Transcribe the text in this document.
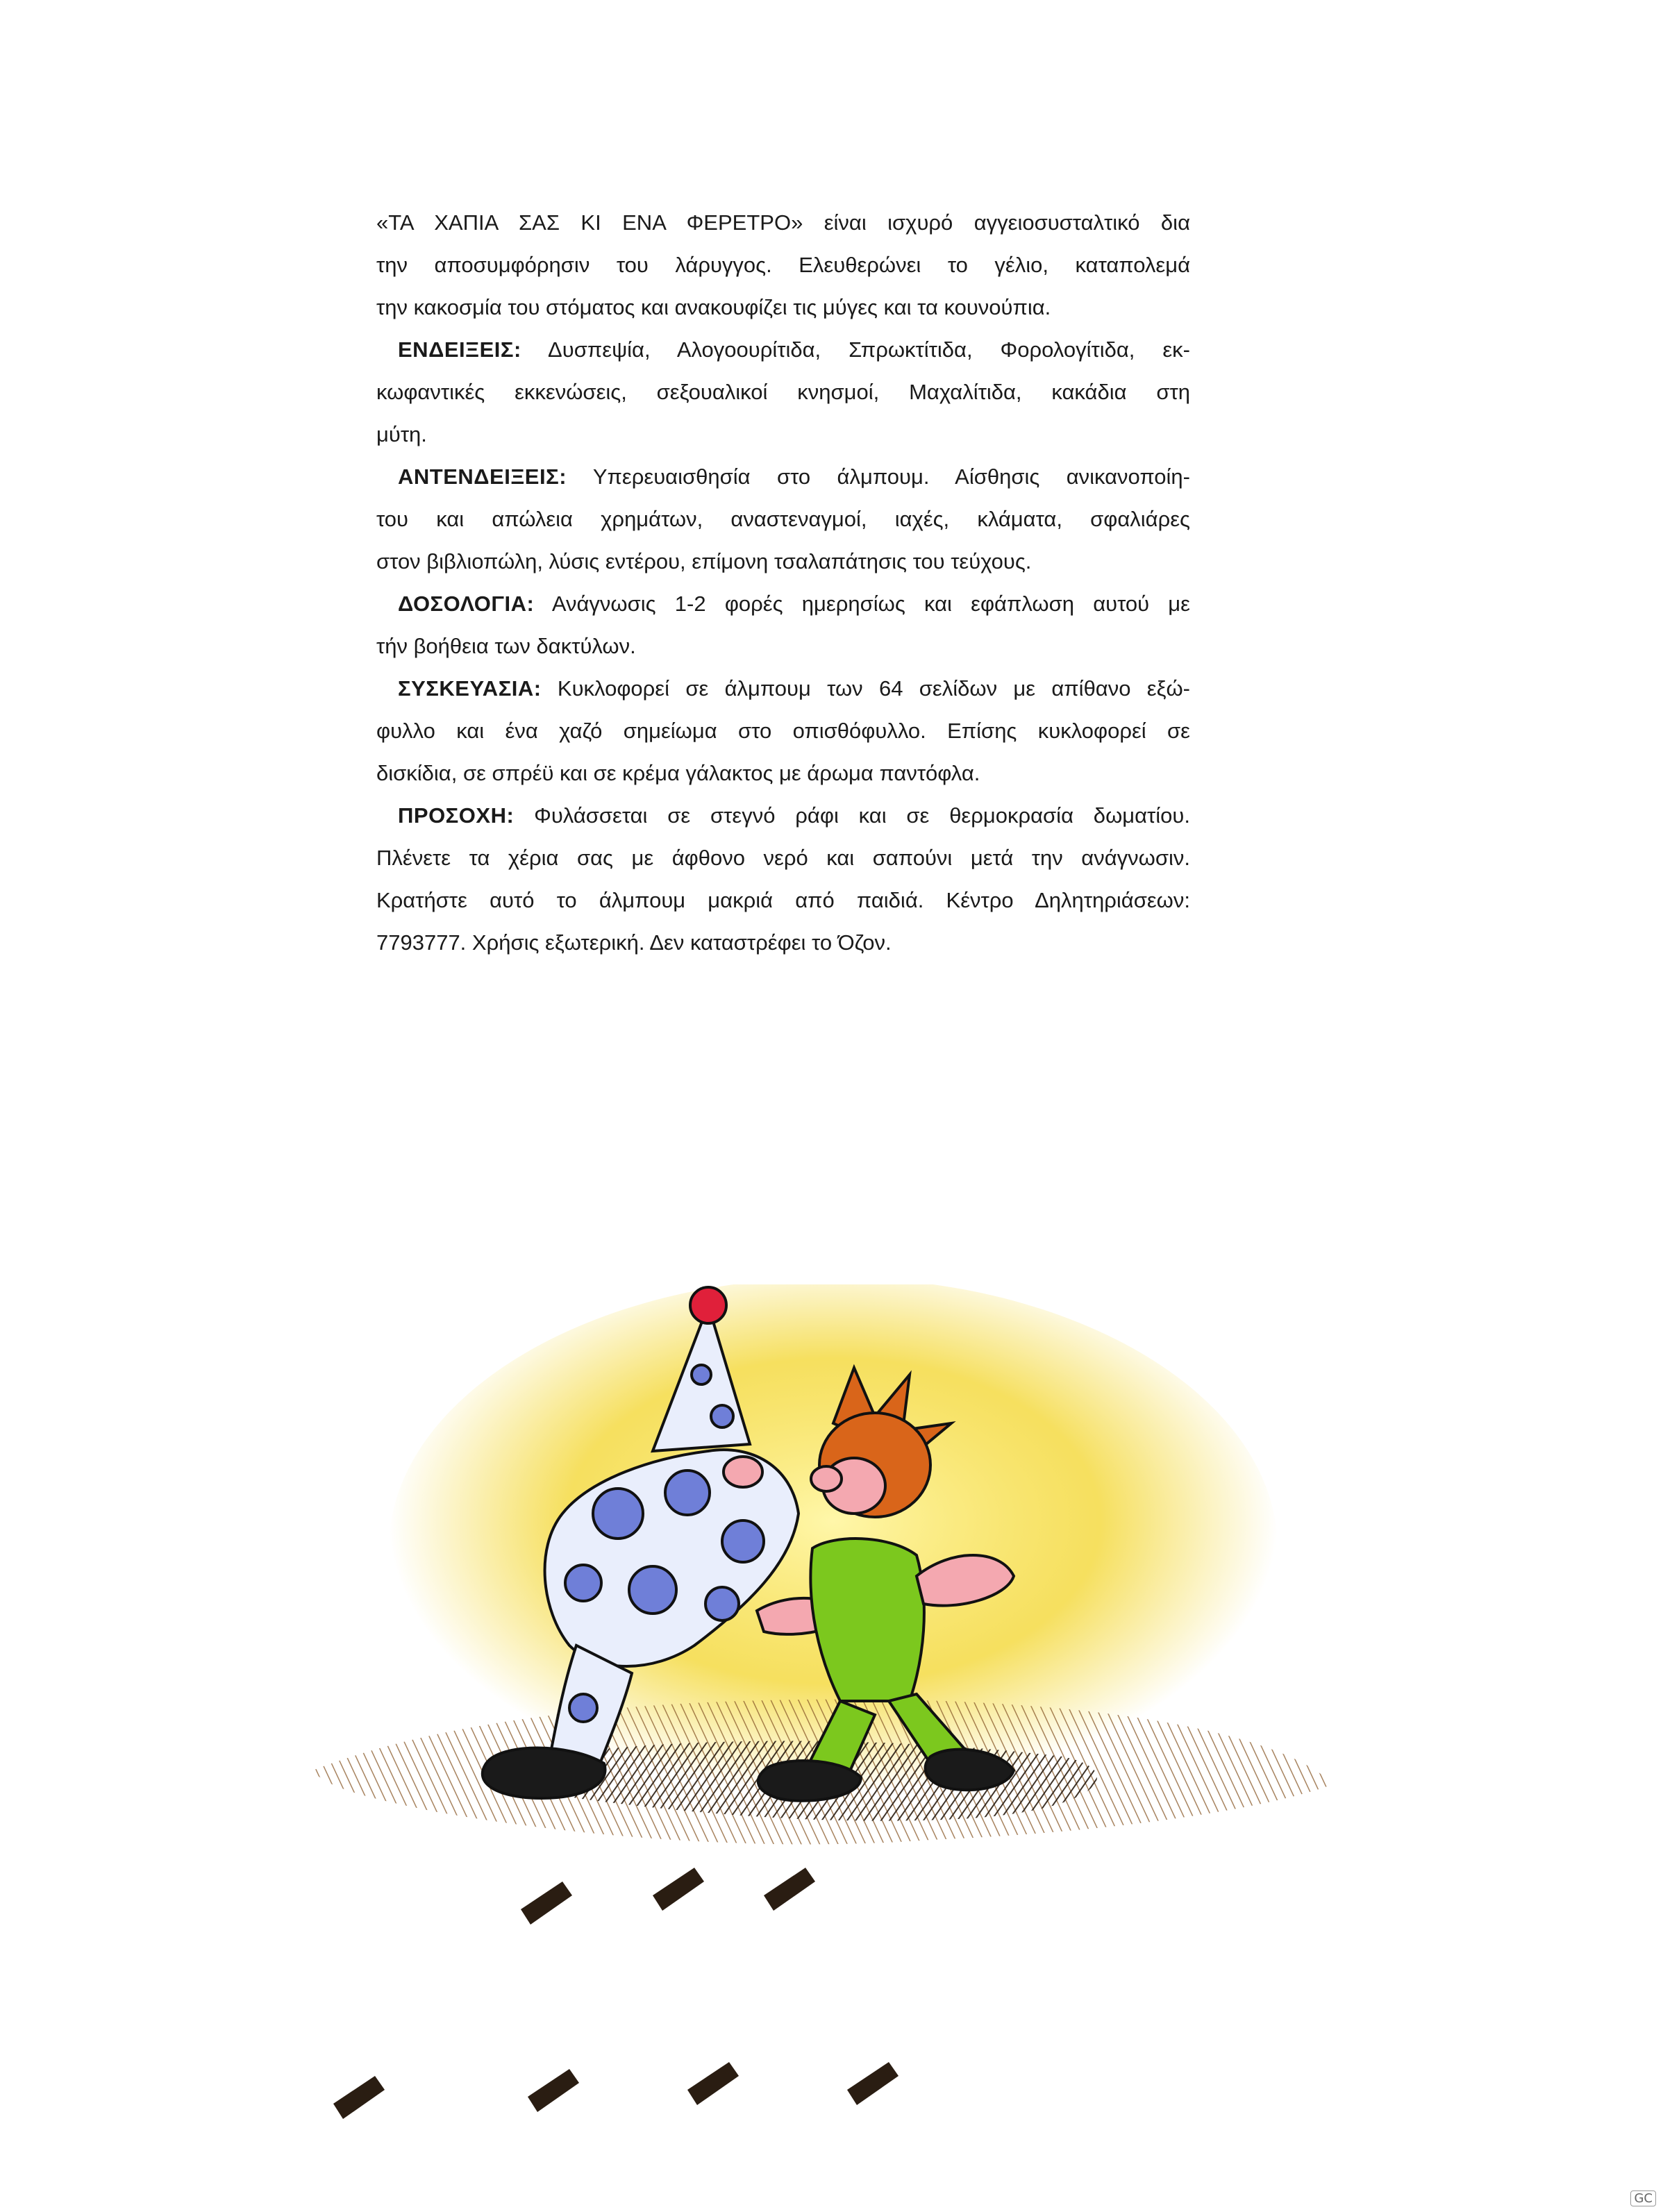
«ΤΑ ΧΑΠΙΑ ΣΑΣ ΚΙ ΕΝΑ ΦΕΡΕΤΡΟ» είναι ισχυρό αγγειοσυσταλτικό δια
την αποσυμφόρησιν του λάρυγγος. Ελευθερώνει το γέλιο, καταπολεμά
την κακοσμία του στόματος και ανακουφίζει τις μύγες και τα κουνούπια.

 ΕΝΔΕΙΞΕΙΣ: Δυσπεψία, Αλογοουρίτιδα, Σπρωκτίτιδα, Φορολογίτιδα, εκ-
κωφαντικές εκκενώσεις, σεξουαλικοί κνησμοί, Μαχαλίτιδα, κακάδια στη
μύτη.

 ΑΝΤΕΝΔΕΙΞΕΙΣ: Υπερευαισθησία στο άλμπουμ. Αίσθησις ανικανοποίη-
του και απώλεια χρημάτων, αναστεναγμοί, ιαχές, κλάματα, σφαλιάρες
στον βιβλιοπώλη, λύσις εντέρου, επίμονη τσαλαπάτησις του τεύχους.

 ΔΟΣΟΛΟΓΙΑ: Ανάγνωσις 1-2 φορές ημερησίως και εφάπλωση αυτού με
τήν βοήθεια των δακτύλων.

 ΣΥΣΚΕΥΑΣΙΑ: Κυκλοφορεί σε άλμπουμ των 64 σελίδων με απίθανο εξώ-
φυλλο και ένα χαζό σημείωμα στο οπισθόφυλλο. Επίσης κυκλοφορεί σε
δισκίδια, σε σπρέϋ και σε κρέμα γάλακτος με άρωμα παντόφλα.

 ΠΡΟΣΟΧΗ: Φυλάσσεται σε στεγνό ράφι και σε θερμοκρασία δωματίου.
Πλένετε τα χέρια σας με άφθονο νερό και σαπούνι μετά την ανάγνωσιν.
Κρατήστε αυτό το άλμπουμ μακριά από παιδιά. Κέντρο Δηλητηριάσεων:
7793777. Χρήσις εξωτερική. Δεν καταστρέφει το Όζον.

GC
